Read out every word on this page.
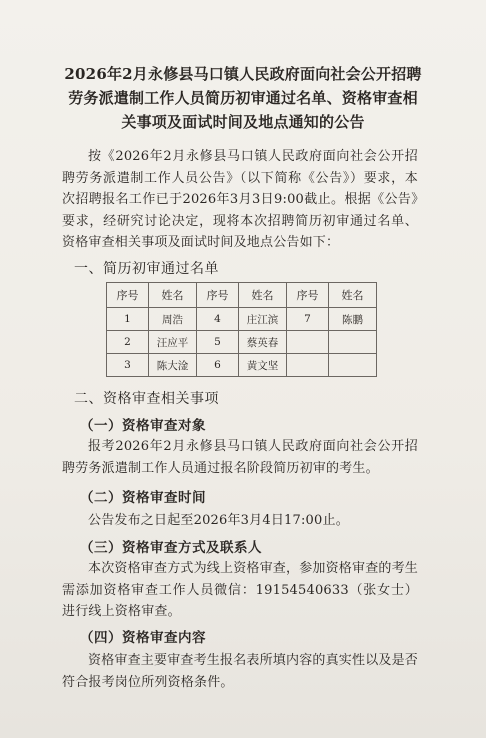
2026年2月永修县马口镇人民政府面向社会公开招聘
劳务派遣制工作人员简历初审通过名单、资格审查相
关事项及面试时间及地点通知的公告
按《2026年2月永修县马口镇人民政府面向社会公开招聘劳务派遣制工作人员公告》（以下简称《公告》）要求，本次招聘报名工作已于2026年3月3日9:00截止。根据《公告》要求，经研究讨论决定，现将本次招聘简历初审通过名单、资格审查相关事项及面试时间及地点公告如下：
一、简历初审通过名单
序号	姓名	序号	姓名	序号	姓名
1	周浩	4	庄江滨	7	陈鹏
2	汪应平	5	蔡英春		
3	陈大淦	6	黄文坚		
二、资格审查相关事项
（一）资格审查对象
报考2026年2月永修县马口镇人民政府面向社会公开招聘劳务派遣制工作人员通过报名阶段简历初审的考生。
（二）资格审查时间
公告发布之日起至2026年3月4日17:00止。
（三）资格审查方式及联系人
本次资格审查方式为线上资格审查，参加资格审查的考生需添加资格审查工作人员微信：19154540633（张女士）进行线上资格审查。
（四）资格审查内容
资格审查主要审查考生报名表所填内容的真实性以及是否符合报考岗位所列资格条件。
